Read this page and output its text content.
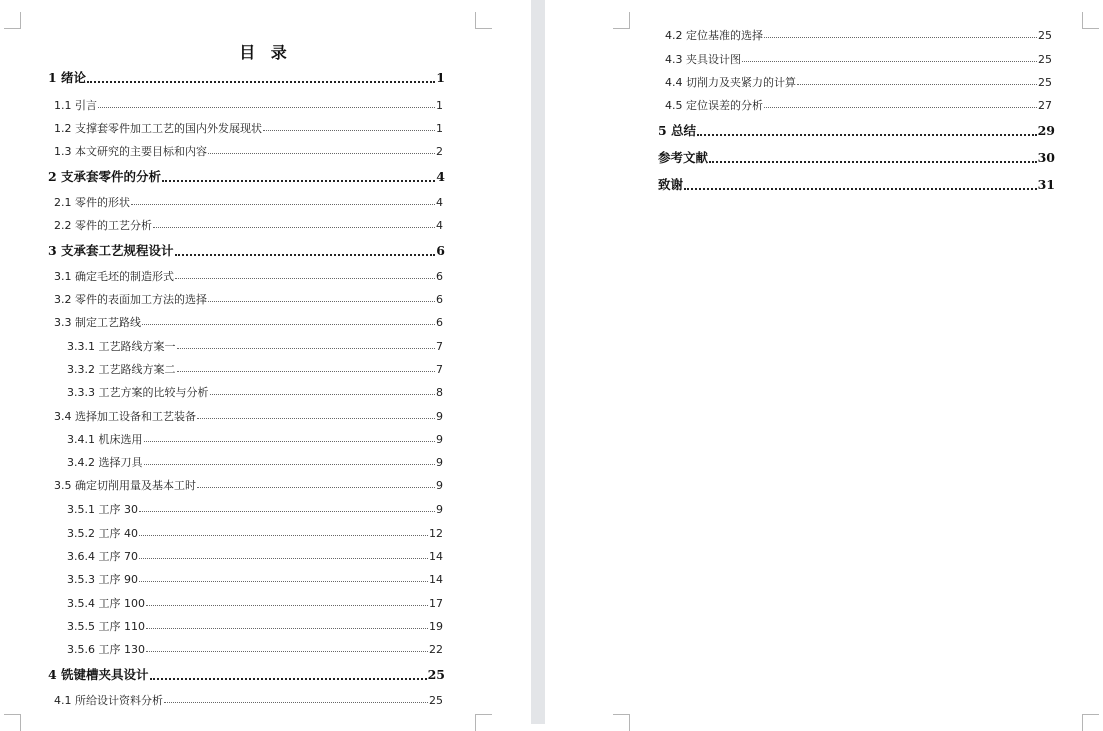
目 录
1 绪论	1
1.1 引言	1
1.2 支撑套零件加工工艺的国内外发展现状	1
1.3 本文研究的主要目标和内容	2
2 支承套零件的分析	4
2.1 零件的形状	4
2.2 零件的工艺分析	4
3 支承套工艺规程设计	6
3.1 确定毛坯的制造形式	6
3.2 零件的表面加工方法的选择	6
3.3 制定工艺路线	6
3.3.1 工艺路线方案一	7
3.3.2 工艺路线方案二	7
3.3.3 工艺方案的比较与分析	8
3.4 选择加工设备和工艺装备	9
3.4.1 机床选用	9
3.4.2 选择刀具	9
3.5 确定切削用量及基本工时	9
3.5.1 工序 30	9
3.5.2 工序 40	12
3.6.4 工序 70	14
3.5.3 工序 90	14
3.5.4 工序 100	17
3.5.5 工序 110	19
3.5.6 工序 130	22
4 铣键槽夹具设计	25
4.1 所给设计资料分析	25
4.2 定位基准的选择	25
4.3 夹具设计图	25
4.4 切削力及夹紧力的计算	25
4.5 定位误差的分析	27
5 总结	29
参考文献	30
致谢	31
